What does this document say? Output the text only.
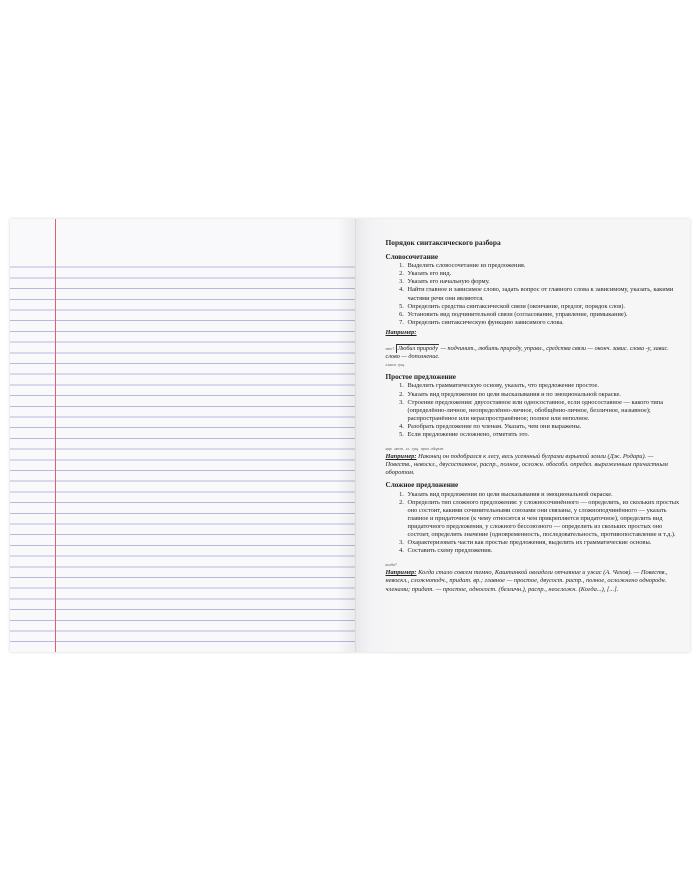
Порядок синтаксического разбора
Словосочетание
1. Выделить словосочетание из предложения.
2. Указать его вид.
3. Указать его начальную форму.
4. Найти главное и зависимое слово, задать вопрос от главного слова к зависимому, указать, какими частями речи они являются.
5. Определить средства синтаксической связи (окончание, предлог, порядок слов).
6. Установить вид подчинительной связи (согласование, управление, примыкание).
7. Определить синтаксическую функцию зависимого слова.
Например:
что? Любил природу — подчинит., любить природу, управл., средства связи — оконч. завис. слова -у, завис. слово — дополнение.
глагол сущ.
Простое предложение
1. Выделить грамматическую основу, указать, что предложение простое.
2. Указать вид предложения по цели высказывания и по эмоциональной окраске.
3. Строение предложения: двусоставное или односоставное, если односоставное — какого типа (определённо-личное, неопределённо-личное, обобщённо-личное, безличное, назывное); распространённое или нераспространённое; полное или неполное.
4. Разобрать предложение по членам. Указать, чем они выражены.
5. Если предложение осложнено, отметить это.
нар. мест. гл. сущ. прич. оборот
Например: Наконец он подобрался к лесу, весь усеянный буграми взрытой земли (Дж. Родари). — Повеств., невоскл., двусоставное, распр., полное, осложн. обособл. определ. выраженным причастным оборотом.
Сложное предложение
1. Указать вид предложения по цели высказывания и эмоциональной окраске.
2. Определить тип сложного предложения: у сложносочинённого — определить, из скольких простых оно состоит, какими сочинительными союзами они связаны, у сложноподчинённого — указать главное и придаточное (к чему относится и чем прикрепляется придаточное), определить вид придаточного предложения, у сложного бессоюзного — определить из скольких простых оно состоит, определить значение (одновременность, последовательность, противопоставление и т.д.).
3. Охарактеризовать части как простые предложения, выделить их грамматические основы.
4. Составить схему предложения.
когда?
Например: Когда стало совсем темно, Каштанкой овладели отчаяние и ужас (А. Чехов). — Повеств., невоскл., сложноподч., придат. вр.; главное — простое, двусост. распр., полное, осложнено однородн. членами; придат. — простое, односост. (безличн.), распр., неосложн. (Когда...), [...].
